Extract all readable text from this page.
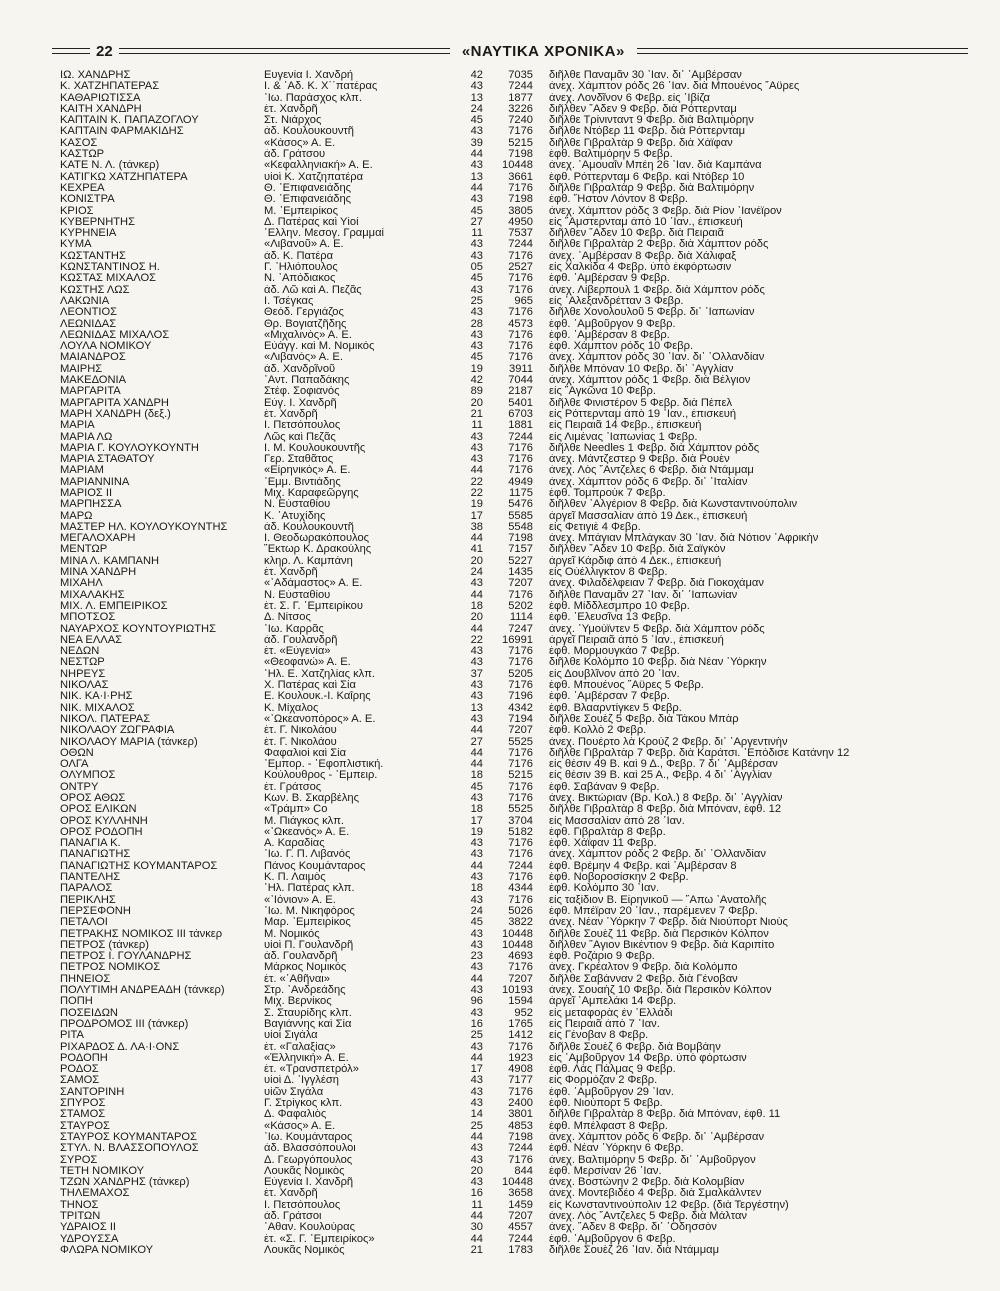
22	«ΝΑΥΤΙΚΑ ΧΡΟΝΙΚΑ»
ΙΩ. ΧΑΝΔΡΗΣ	Ευγενία Ι. Χανδρή	42	7035	διῆλθε Παναμᾶν 30 ᾿Ιαν. δι᾿ ᾿Αμβέρσαν
Κ. ΧΑΤΖΗΠΑΤΕΡΑΣ	Ι. & ᾿Αδ. Κ. Χ΄΄πατέρας	43	7244	ἀνεχ. Χάμπτον ρόδς 26 ᾿Ιαν. διὰ Μπουένος ῎Αϋρες
ΚΑΘΑΡΙΩΤΙΣΣΑ	᾿Ιω. Παράσχος κλπ.	13	1877	ἀνεχ. Λονδῖνον 6 Φεβρ. εἰς ῾Ιβίζα
ΚΑΙΤΗ ΧΑΝΔΡΗ	ἑτ. Χανδρῆ	24	3226	διῆλθεν ῎Αδεν 9 Φεβρ. διὰ Ρόττερνταμ
ΚΑΠΤΑΙΝ Κ. ΠΑΠΑΖΟΓΛΟΥ	Στ. Νιάρχος	45	7240	διῆλθε Τρίνινταντ 9 Φεβρ. διὰ Βαλτιμόρην
ΚΑΠΤΑΙΝ ΦΑΡΜΑΚΙΔΗΣ	ἀδ. Κουλουκουντῆ	43	7176	διῆλθε Ντόβερ 11 Φεβρ. διὰ Ρόττερνταμ
ΚΑΣΟΣ	«Κάσος» Α. Ε.	39	5215	διῆλθε Γιβραλτὰρ 9 Φεβρ. διὰ Χάϊφαν
ΚΑΣΤΩΡ	ἀδ. Γράτσου	44	7198	ἐφθ. Βαλτιμόρην 5 Φεβρ.
ΚΑΤΕ Ν. Λ. (τάνκερ)	«Κεφαλληνιακή» Α. Ε.	43	10448	ἀνεχ. ᾿Αμουαΐν Μπέη 26 ᾿Ιαν. διὰ Καμπάνα
ΚΑΤΙΓΚΩ ΧΑΤΖΗΠΑΤΕΡΑ	υἱοὶ Κ. Χατζηπατέρα	13	3661	ἐφθ. Ρόττερνταμ 6 Φεβρ. καὶ Ντόβερ 10
ΚΕΧΡΕΑ	Θ. ᾿Επιφανειάδης	44	7176	διῆλθε Γιβραλτὰρ 9 Φεβρ. διὰ Βαλτιμόρην
ΚΟΝΙΣΤΡΑ	Θ. ᾿Επιφανειάδης	43	7198	ἐφθ. ῞Ηστον Λόντον 8 Φεβρ.
ΚΡΙΟΣ	Μ. ᾿Εμπειρίκος	45	3805	ἀνεχ. Χάμπτον ρόδς 3 Φεβρ. διὰ Ρίον ᾿Ιανέϊρον
ΚΥΒΕΡΝΗΤΗΣ	Δ. Πατέρας καὶ Υἱοί	27	4950	εἰς ῎Αμστερνταμ ἀπὸ 10 ᾿Ιαν., ἐπισκευή
ΚΥΡΗΝΕΙΑ	῾Ελλην. Μεσογ. Γραμμαί	11	7537	διῆλθεν ῎Αδεν 10 Φεβρ. διὰ Πειραιᾶ
ΚΥΜΑ	«Λιβανοῦ» Α. Ε.	43	7244	διῆλθε Γιβραλτὰρ 2 Φεβρ. διὰ Χάμπτον ρόδς
ΚΩΣΤΑΝΤΗΣ	ἀδ. Κ. Πατέρα	43	7176	ἀνεχ. ᾿Αμβέρσαν 8 Φεβρ. διὰ Χάλιφαξ
ΚΩΝΣΤΑΝΤΙΝΟΣ Η.	Γ. ᾿Ηλιόπουλος	05	2527	εἰς Χαλκίδα 4 Φεβρ. ὑπὸ ἐκφόρτωσιν
ΚΩΣΤΑΣ ΜΙΧΑΛΟΣ	Ν. ᾿Απόδιακος	45	7176	ἐφθ. ᾿Αμβέρσαν 9 Φεβρ.
ΚΩΣΤΗΣ ΛΩΣ	ἀδ. Λῶ καὶ Α. Πεζᾶς	43	7176	ἀνεχ. Λίβερπουλ 1 Φεβρ. διὰ Χάμπτον ρόδς
ΛΑΚΩΝΙΑ	Ι. Τσέγκας	25	965	εἰς ᾿Αλεξανδρέτταν 3 Φεβρ.
ΛΕΟΝΤΙΟΣ	Θεόδ. Γεργιάζος	43	7176	διῆλθε Χονολουλοῦ 5 Φεβρ. δι᾿ ᾿Ιαπωνίαν
ΛΕΩΝΙΔΑΣ	Θρ. Βογιατζῆδης	28	4573	ἐφθ. ᾿Αμβοῦργον 9 Φεβρ.
ΛΕΩΝΙΔΑΣ ΜΙΧΑΛΟΣ	«Μιχαλινὸς» Α. Ε.	43	7176	ἐφθ. ᾿Αμβέρσαν 8 Φεβρ.
ΛΟΥΛΑ ΝΟΜΙΚΟΥ	Εὐάγγ. καὶ Μ. Νομικός	43	7176	ἐφθ. Χάμπτον ρόδς 10 Φεβρ.
ΜΑΙΑΝΔΡΟΣ	«Λιβανός» Α. Ε.	45	7176	ἀνεχ. Χάμπτον ρόδς 30 ᾿Ιαν. δι᾿ ᾿Ολλανδίαν
ΜΑΙΡΗΣ	ἀδ. Χανδρῖνοῦ	19	3911	διῆλθε Μπόναν 10 Φεβρ. δι᾿ ᾿Αγγλίαν
ΜΑΚΕΔΟΝΙΑ	᾿Αντ. Παπαδάκης	42	7044	ἀνεχ. Χάμπτον ρόδς 1 Φεβρ. διὰ Βέλγιον
ΜΑΡΓΑΡΙΤΑ	Στέφ. Σοφιανός	89	2187	εἰς ῎Αγκῶνα 10 Φεβρ.
ΜΑΡΓΑΡΙΤΑ ΧΑΝΔΡΗ	Εὐγ. Ι. Χανδρῆ	20	5401	διῆλθε Φινιστέρον 5 Φεβρ. διὰ Πέπελ
ΜΑΡΗ ΧΑΝΔΡΗ (δεξ.)	ἑτ. Χανδρῆ	21	6703	εἰς Ρόττερνταμ ἀπὸ 19 ᾿Ιαν., ἐπισκευή
ΜΑΡΙΑ	Ι. Πετσόπουλος	11	1881	εἰς Πειραιᾶ 14 Φεβρ., ἐπισκευή
ΜΑΡΙΑ ΛΩ	Λῶς καὶ Πεζᾶς	43	7244	εἰς Λιμένας ᾿Ιαπωνίας 1 Φεβρ.
ΜΑΡΙΑ Γ. ΚΟΥΛΟΥΚΟΥΝΤΗ	Ι. Μ. Κουλουκουντῆς	43	7176	διῆλθε Needles 1 Φεβρ. διὰ Χάμπτον ρόδς
ΜΑΡΙΑ ΣΤΑΘΑΤΟΥ	Γερ. Σταθᾶτος	43	7176	ἀνεχ. Μάντζεστερ 9 Φεβρ. διὰ Ρουὲν
ΜΑΡΙΑΜ	«Εἰρηνικός» Α. Ε.	44	7176	ἀνεχ. Λὸς ῎Αντζελες 6 Φεβρ. διὰ Ντάμμαμ
ΜΑΡΙΑΝΝΙΝΑ	᾿Εμμ. Βιντιάδης	22	4949	ἀνεχ. Χάμπτον ρόδς 6 Φεβρ. δι᾿ ᾿Ιταλίαν
ΜΑΡΙΟΣ ΙΙ	Μιχ. Καραφεῶργης	22	1175	ἐφθ. Τομπρούκ 7 Φεβρ.
ΜΑΡΠΗΣΣΑ	Ν. Εὐσταθίου	19	5476	διῆλθεν ᾿Αλγέριον 8 Φεβρ. διὰ Κωνσταντινούπολιν
ΜΑΡΩ	Κ. ᾿Ατυχίδης	17	5585	ἀργεῖ Μασσαλίαν ἀπὸ 19 Δεκ., ἐπισκευή
ΜΑΣΤΕΡ ΗΛ. ΚΟΥΛΟΥΚΟΥΝΤΗΣ	ἀδ. Κουλουκουντῆ	38	5548	εἰς Φετιγιὲ 4 Φεβρ.
ΜΕΓΑΛΟΧΑΡΗ	Ι. Θεοδωρακόπουλος	44	7198	ἀνεχ. Μπάγιαν Μπλάγκαν 30 ᾿Ιαν. διὰ Νότιον ᾿Αφρικὴν
ΜΕΝΤΩΡ	῞Εκτωρ Κ. Δρακούλης	41	7157	διῆλθεν ῎Αδεν 10 Φεβρ. διὰ Σαϊγκὸν
ΜΙΝΑ Λ. ΚΑΜΠΑΝΗ	κληρ. Λ. Καμπάνη	20	5227	ἀργεῖ Κάρδιφ ἀπὸ 4 Δεκ., ἐπισκευή
ΜΙΝΑ ΧΑΝΔΡΗ	ἑτ. Χανδρῆ	24	1435	εἰς Οὐέλλιγκτον 8 Φεβρ.
ΜΙΧΑΗΛ	«᾿Αδάμαστος» Α. Ε.	43	7207	ἀνεχ. Φιλαδέλφειαν 7 Φεβρ. διὰ Γιοκοχάμαν
ΜΙΧΑΛΑΚΗΣ	Ν. Εὐσταθίου	44	7176	διῆλθε Παναμᾶν 27 ᾿Ιαν. δι᾿ ᾿Ιαπωνίαν
ΜΙΧ. Λ. ΕΜΠΕΙΡΙΚΟΣ	ἑτ. Σ. Γ. ᾿Εμπειρίκου	18	5202	ἐφθ. Μίδδλεσμπρο 10 Φεβρ.
ΜΠΟΤΣΟΣ	Δ. Νίτσος	20	1114	ἐφθ. ᾿Ελευσῖνα 13 Φεβρ.
ΝΑΥΑΡΧΟΣ ΚΟΥΝΤΟΥΡΙΩΤΗΣ	᾿Ιω. Καρρᾶς	44	7247	ἀνεχ. ῾Υμούϊντεν 5 Φεβρ. διὰ Χάμπτον ρόδς
ΝΕΑ ΕΛΛΑΣ	ἀδ. Γουλανδρῆ	22	16991	ἀργεῖ Πειραιᾶ ἀπὸ 5 ᾿Ιαν., ἐπισκευή
ΝΕΔΩΝ	ἑτ. «Εὐγενία»	43	7176	ἐφθ. Μορμουγκάο 7 Φεβρ.
ΝΕΣΤΩΡ	«Θεοφανώ» Α. Ε.	43	7176	διῆλθε Κολόμπο 10 Φεβρ. διὰ Νέαν ῾Υόρκην
ΝΗΡΕΥΣ	῾Ηλ. Ε. Χατζηλίας κλπ.	37	5205	εἰς Δουβλῖνον ἀπὸ 20 ᾿Ιαν.
ΝΙΚΟΛΑΣ	Χ. Πατέρας καὶ Σία	43	7176	ἐφθ. Μπουένος ῎Αϋρες 5 Φεβρ.
ΝΙΚ. ΚΑ·Ι·ΡΗΣ	Ε. Κουλουκ.-Ι. Καΐρης	43	7196	ἐφθ. ᾿Αμβέρσαν 7 Φεβρ.
ΝΙΚ. ΜΙΧΑΛΟΣ	Κ. Μίχαλος	13	4342	ἐφθ. Βλααρντίγκεν 5 Φεβρ.
ΝΙΚΟΛ. ΠΑΤΕΡΑΣ	«᾿Ωκεανοπόρος» Α. Ε.	43	7194	διῆλθε Σουὲζ 5 Φεβρ. διὰ Τάκου Μπὰρ
ΝΙΚΟΛΑΟΥ ΖΩΓΡΑΦΙΑ	ἑτ. Γ. Νικολάου	44	7207	ἐφθ. Κολλὸ 2 Φεβρ.
ΝΙΚΟΛΑΟΥ ΜΑΡΙΑ (τάνκερ)	ἑτ. Γ. Νικολάου	27	5525	ἀνεχ. Πουέρτο λὰ Κρούζ 2 Φεβρ. δι᾿ ᾿Αργεντινὴν
ΟΘΩΝ	Φαφαλιοὶ καὶ Σία	44	7176	διῆλθε Γιβραλτὰρ 7 Φεβρ. διὰ Καράτσι. ᾿Επόδισε Κατάνην 12
ΟΛΓΑ	᾿Εμπορ. - ᾿Εφοπλιστική.	44	7176	εἰς θέσιν 49 Β. καὶ 9 Δ., Φεβρ. 7 δι᾿ ᾿Αμβέρσαν
ΟΛΥΜΠΟΣ	Κούλουθρος - ᾿Εμπειρ.	18	5215	εἰς θέσιν 39 Β. καὶ 25 Α., Φεβρ. 4 δι᾿ ᾿Αγγλίαν
ΟΝΤΡΥ	ἑτ. Γράτσος	45	7176	ἐφθ. Σαβάναν 9 Φεβρ.
ΟΡΟΣ ΑΘΩΣ	Κων. Β. Σκαρβέλης	43	7176	ἀνεχ. Βικτώριαν (Βρ. Κολ.) 8 Φεβρ. δι᾿ ᾿Αγγλίαν
ΟΡΟΣ ΕΛΙΚΩΝ	«Τράμπ» Co	18	5525	διῆλθε Γιβραλτὰρ 8 Φεβρ. διὰ Μπόναν, ἐφθ. 12
ΟΡΟΣ ΚΥΛΛΗΝΗ	Μ. Πιάγκος κλπ.	17	3704	εἰς Μασσαλίαν ἀπὸ 28 ᾿Ιαν.
ΟΡΟΣ ΡΟΔΟΠΗ	«᾿Ωκεανός» Α. Ε.	19	5182	ἐφθ. Γιβραλτὰρ 8 Φεβρ.
ΠΑΝΑΓΙΑ Κ.	Α. Καραδίας	43	7176	ἐφθ. Χάϊφαν 11 Φεβρ.
ΠΑΝΑΓΙΩΤΗΣ	᾿Ιω. Γ. Π. Λιβανός	43	7176	ἀνεχ. Χάμπτον ρόδς 2 Φεβρ. δι᾿ ᾿Ολλανδίαν
ΠΑΝΑΓΙΩΤΗΣ ΚΟΥΜΑΝΤΑΡΟΣ	Πάνος Κουμάνταρος	44	7244	ἐφθ. Βρέμην 4 Φεβρ. καὶ ᾿Αμβέρσαν 8
ΠΑΝΤΕΛΗΣ	Κ. Π. Λαιμὸς	43	7176	ἐφθ. Νοβοροσίσκην 2 Φεβρ.
ΠΑΡΑΛΟΣ	῾Ηλ. Πατέρας κλπ.	18	4344	ἐφθ. Κολόμπο 30 ᾿Ιαν.
ΠΕΡΙΚΛΗΣ	«᾿Ιόνιον» Α. Ε.	43	7176	εἰς ταξίδιον Β. Εἰρηνικοῦ — ῎Απω ᾿Ανατολῆς
ΠΕΡΣΕΦΟΝΗ	᾿Ιω. Μ. Νικηφόρος	24	5026	ἐφθ. Μπέϊραν 20 ᾿Ιαν., παρέμενεν 7 Φεβρ.
ΠΕΤΑΛΟΙ	Μαρ. ᾿Εμπειρίκος	45	3822	ἀνεχ. Νέαν ῾Υόρκην 7 Φεβρ. διὰ Νιούπορτ Νιοὺς
ΠΕΤΡΑΚΗΣ ΝΟΜΙΚΟΣ ΙΙΙ τάνκερ	Μ. Νομικός	43	10448	διῆλθε Σουὲζ 11 Φεβρ. διὰ Περσικὸν Κόλπον
ΠΕΤΡΟΣ (τάνκερ)	υἱοὶ Π. Γουλανδρῆ	43	10448	διῆλθεν ῞Αγιον Βικέντιον 9 Φεβρ. διὰ Καριπίτο
ΠΕΤΡΟΣ Ι. ΓΟΥΛΑΝΔΡΗΣ	ἀδ. Γουλανδρῆ	23	4693	ἐφθ. Ροζάριο 9 Φεβρ.
ΠΕΤΡΟΣ ΝΟΜΙΚΟΣ	Μάρκος Νομικός	43	7176	ἀνεχ. Γκρέαλτον 9 Φεβρ. διὰ Κολόμπο
ΠΗΝΕΙΟΣ	ἑτ. «᾿Αθῆναι»	44	7207	διῆλθε Σαβάνναν 2 Φεβρ. διὰ Γένοβαν
ΠΟΛΥΤΙΜΗ ΑΝΔΡΕΑΔΗ (τάνκερ)	Στρ. ᾿Ανδρεάδης	43	10193	ἀνεχ. Σουαὴζ 10 Φεβρ. διὰ Περσικὸν Κόλπον
ΠΟΠΗ	Μιχ. Βερνίκος	96	1594	ἀργεῖ ᾿Αμπελάκι 14 Φεβρ.
ΠΟΣΕΙΔΩΝ	Σ. Σταυρίδης κλπ.	43	952	εἰς μεταφορὰς ἐν ῾Ελλάδι
ΠΡΟΔΡΟΜΟΣ ΙΙΙ (τάνκερ)	Βαγιάννης καὶ Σία	16	1765	εἰς Πειραιᾶ ἀπὸ 7 ᾿Ιαν.
ΡΙΤΑ	υἱοὶ Σιγάλα	25	1412	εἰς Γένοβαν 8 Φεβρ.
ΡΙΧΑΡΔΟΣ Δ. ΛΑ·Ι·ΟΝΣ	ἑτ. «Γαλαξίας»	43	7176	διῆλθε Σουὲζ 6 Φεβρ. διὰ Βομβάην
ΡΟΔΟΠΗ	«Ἑλληνική» Α. Ε.	44	1923	εἰς ᾿Αμβοῦργον 14 Φεβρ. ὑπὸ φόρτωσιν
ΡΟΔΟΣ	ἑτ. «Τρανσπετρόλ»	17	4908	ἐφθ. Λὰς Πάλμας 9 Φεβρ.
ΣΑΜΟΣ	υἱοὶ Δ. ᾿Ιγγλέση	43	7177	εἰς Φορμόζαν 2 Φεβρ.
ΣΑΝΤΟΡΙΝΗ	υἱῶν Σιγάλα	43	7176	ἐφθ. ᾿Αμβοῦργον 29 ᾿Ιαν.
ΣΠΥΡΟΣ	Γ. Στρίγκος κλπ.	43	2400	ἐφθ. Νιούπορτ 5 Φεβρ.
ΣΤΑΜΟΣ	Δ. Φαφαλιὸς	14	3801	διῆλθε Γιβραλτὰρ 8 Φεβρ. διὰ Μπόναν, ἐφθ. 11
ΣΤΑΥΡΟΣ	«Κάσος» Α. Ε.	25	4853	ἐφθ. Μπέλφαστ 8 Φεβρ.
ΣΤΑΥΡΟΣ ΚΟΥΜΑΝΤΑΡΟΣ	᾿Ιω. Κουμάνταρος	44	7198	ἀνεχ. Χάμπτον ρόδς 6 Φεβρ. δι᾿ ᾿Αμβέρσαν
ΣΤΥΛ. Ν. ΒΛΑΣΣΟΠΟΥΛΟΣ	ἀδ. Βλασσόπουλοι	43	7244	ἐφθ. Νέαν ῾Υόρκην 6 Φεβρ.
ΣΥΡΟΣ	Δ. Γεωργόπουλος	43	7176	ἀνεχ. Βαλτιμόρην 5 Φεβρ. δι᾿ ᾿Αμβοῦργον
ΤΕΤΗ ΝΟΜΙΚΟΥ	Λουκᾶς Νομικὸς	20	844	ἐφθ. Μερσίναν 26 ᾿Ιαν.
ΤΖΩΝ ΧΑΝΔΡΗΣ (τάνκερ)	Εὐγενία Ι. Χανδρῆ	43	10448	ἀνεχ. Βοστώνην 2 Φεβρ. διὰ Κολομβίαν
ΤΗΛΕΜΑΧΟΣ	ἑτ. Χανδρῆ	16	3658	ἀνεχ. Μοντεβιδέο 4 Φεβρ. διὰ Σμαλκάλντεν
ΤΗΝΟΣ	Ι. Πετσόπουλος	11	1459	εἰς Κωνσταντινούπολιν 12 Φεβρ. (διὰ Τεργέστην)
ΤΡΙΤΩΝ	ἀδ. Γράτσοι	44	7207	ἀνεχ. Λὸς ῎Αντζελες 5 Φεβρ. διὰ Μάλταν
ΥΔΡΑΙΟΣ ΙΙ	᾿Αθαν. Κουλούρας	30	4557	ἀνεχ. ῎Αδεν 8 Φεβρ. δι᾿ ᾿Οδησσὸν
ΥΔΡΟΥΣΣΑ	ἑτ. «Σ. Γ. ᾿Εμπειρίκος»	44	7244	ἐφθ. ᾿Αμβοῦργον 6 Φεβρ.
ΦΛΩΡΑ ΝΟΜΙΚΟΥ	Λουκᾶς Νομικὸς	21	1783	διῆλθε Σουὲζ 26 ᾿Ιαν. διὰ Ντάμμαμ
